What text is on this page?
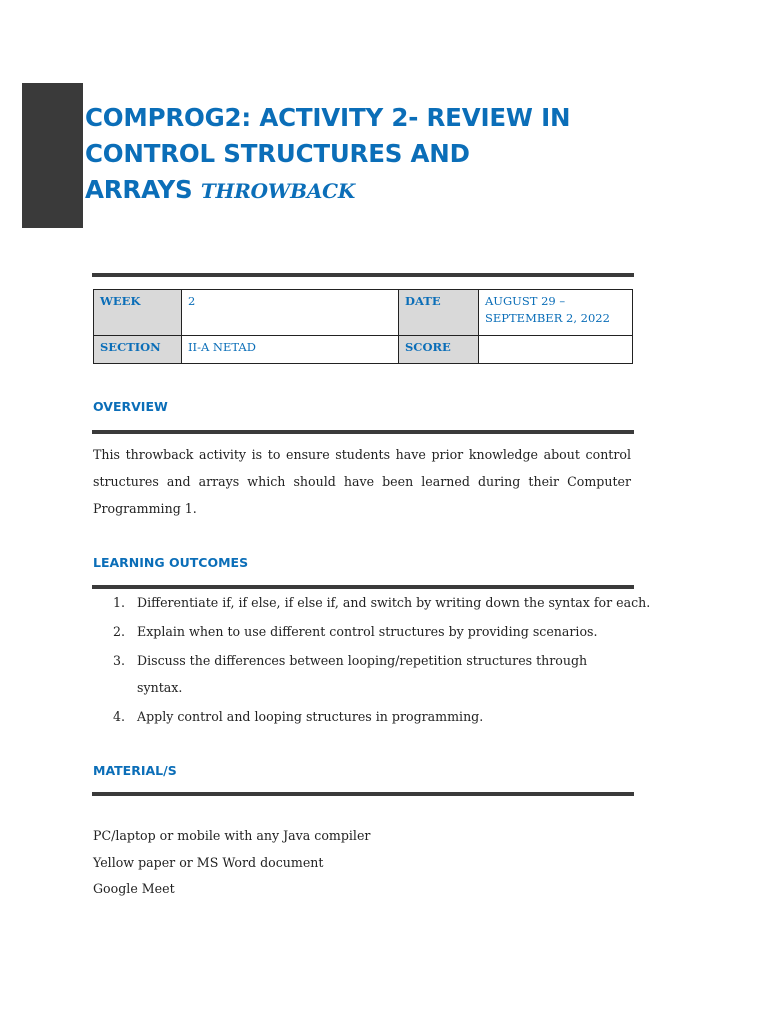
COMPROG2: ACTIVITY 2- REVIEW IN
CONTROL STRUCTURES AND
ARRAYS THROWBACK
WEEK	2	DATE	AUGUST 29 –
SEPTEMBER 2, 2022
SECTION	II-A NETAD	SCORE	
OVERVIEW

This throwback activity is to ensure students have prior knowledge about control structures and arrays which should have been learned during their Computer Programming 1.

LEARNING OUTCOMES
1. Differentiate if, if else, if else if, and switch by writing down the syntax for each.
2. Explain when to use different control structures by providing scenarios.
3. Discuss the differences between looping/repetition structures through syntax.
4. Apply control and looping structures in programming.
MATERIAL/S
PC/laptop or mobile with any Java compiler
Yellow paper or MS Word document
Google Meet
